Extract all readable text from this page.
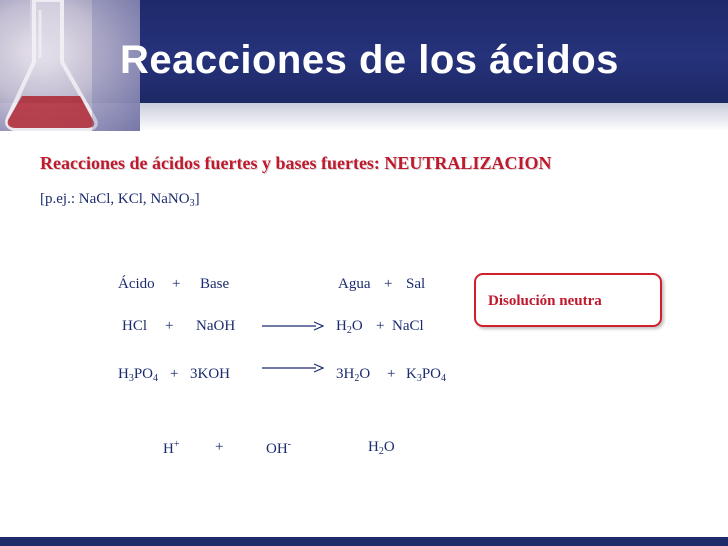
Reacciones de los ácidos
Reacciones de ácidos fuertes y bases fuertes: NEUTRALIZACION
[p.ej.: NaCl, KCl, NaNO$_3$]
Ácido + Base	Agua + Sal
Disolución neutra
HCl + NaOH	$H_2O$ + NaCl
$H_3PO_4 + 3KOH$	$3H_2O + K_3PO_4$
H+ +	OH-	$H_2O$
